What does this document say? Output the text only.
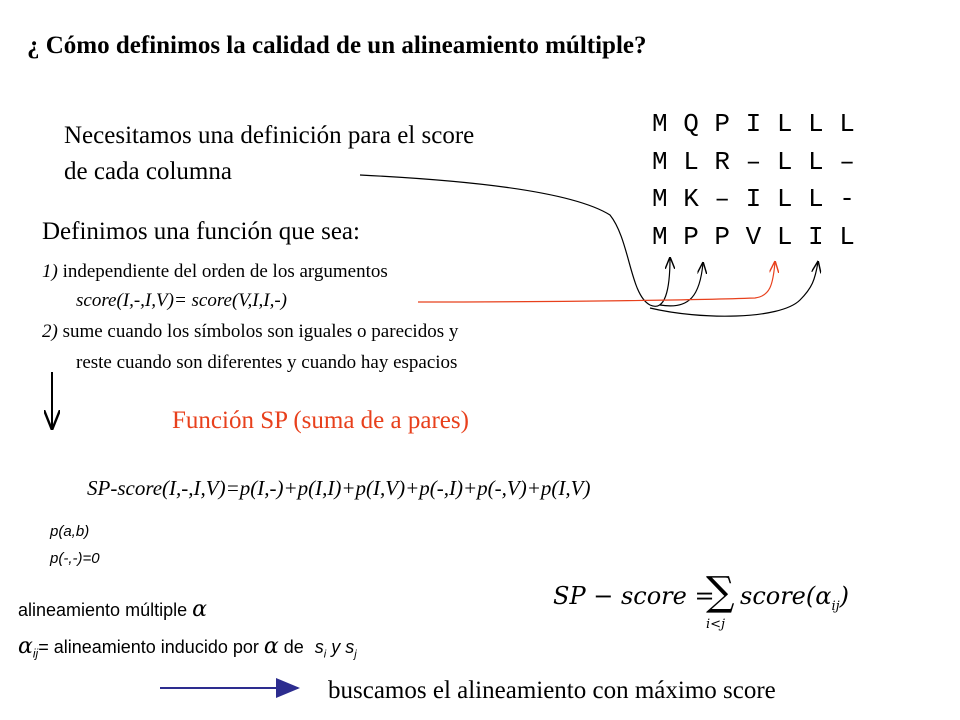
¿ Cómo definimos la calidad de un alineamiento múltiple?
Necesitamos una definición para el score
de cada columna
M Q P I L L L
M L R – L L –
M K – I L L -
M P P V L I L
Definimos una función que sea:
1) independiente del orden de los argumentos
score(I,-,I,V)= score(V,I,I,-)
2) sume cuando los símbolos son iguales o parecidos y
reste cuando son diferentes y cuando hay espacios
Función SP (suma de a pares)
SP-score(I,-,I,V)=p(I,-)+p(I,I)+p(I,V)+p(-,I)+p(-,V)+p(I,V)
p(a,b)
p(-,-)=0
alineamiento múltiple α
$\alpha_{ij}=$ alineamiento inducido por α de $s_i$ y $s_j$
SP − score =
∑
i<j
$score(\alpha_{ij})$
buscamos el alineamiento con máximo score
